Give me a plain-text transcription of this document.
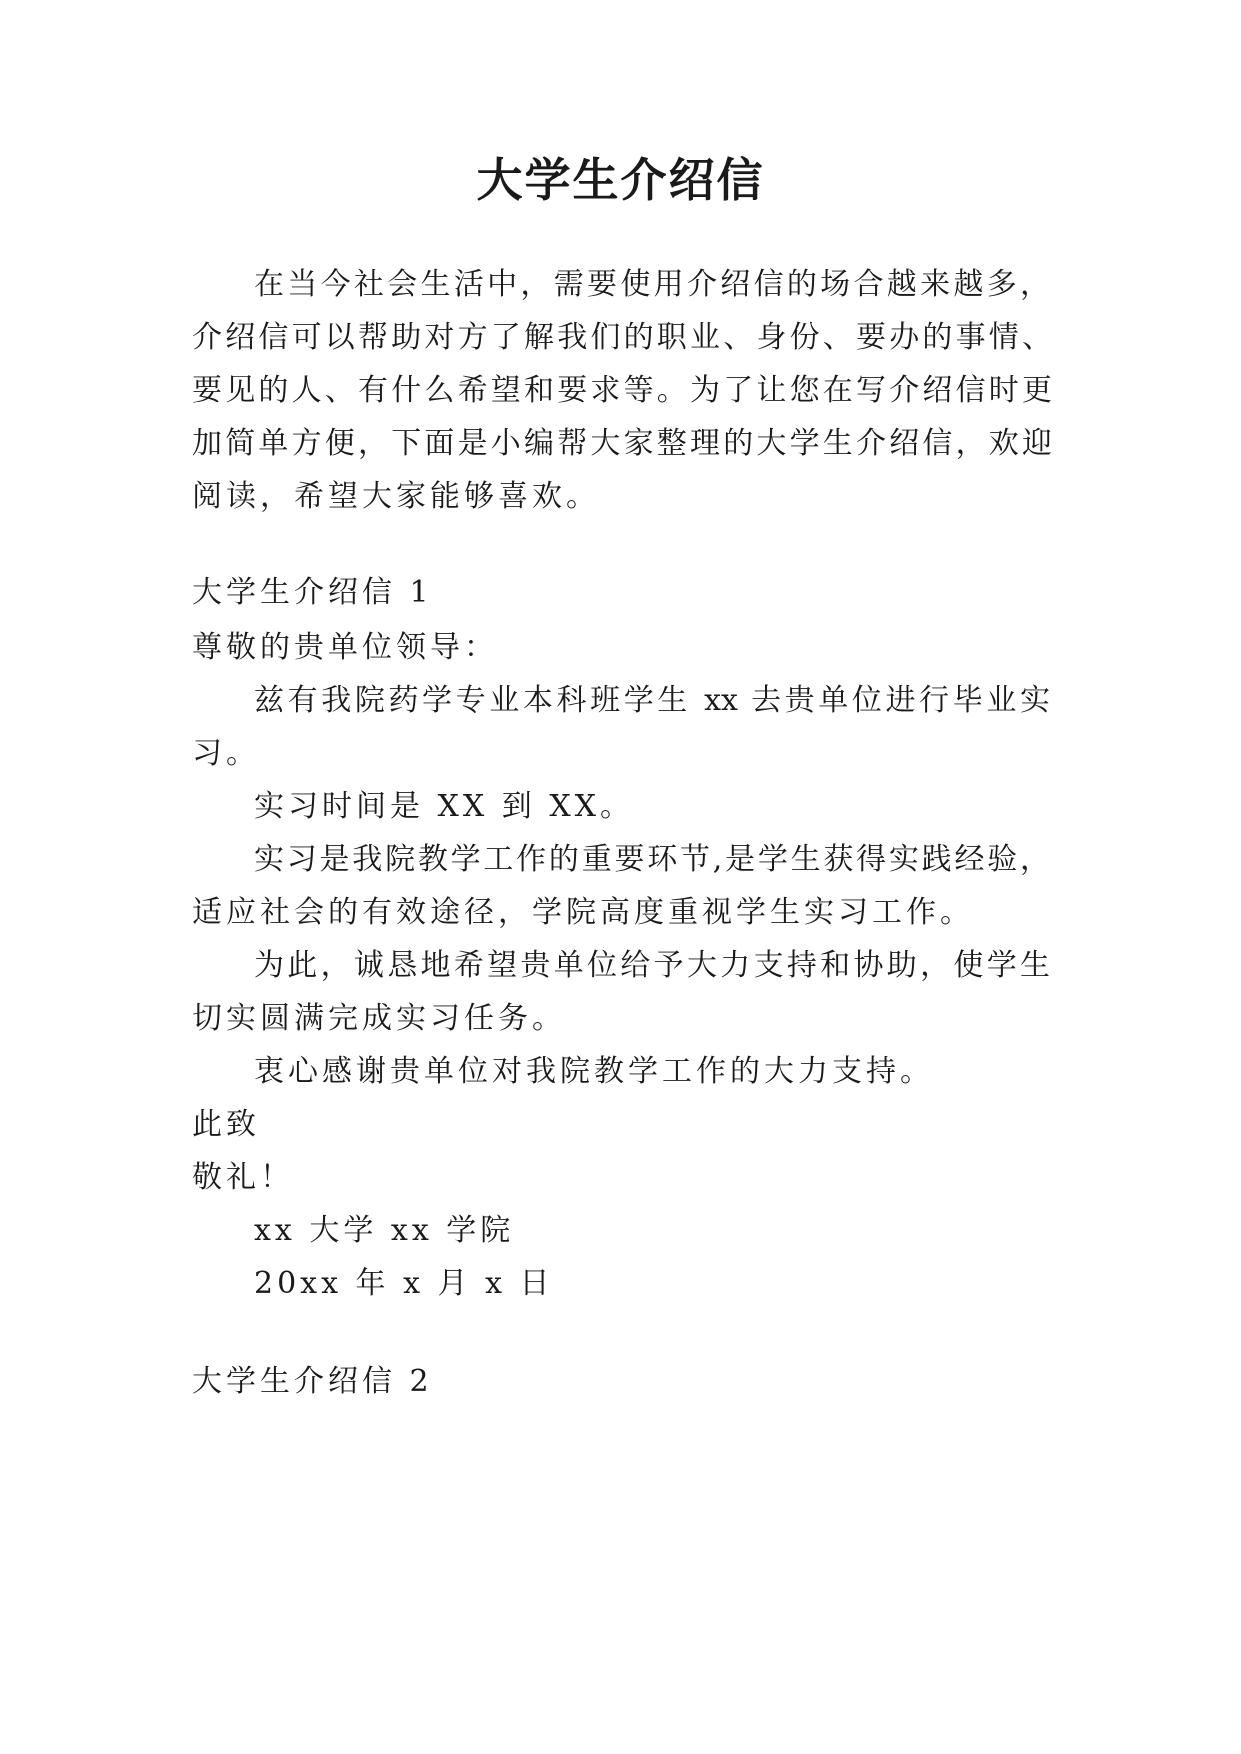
大学生介绍信
在当今社会生活中，需要使用介绍信的场合越来越多，
介绍信可以帮助对方了解我们的职业、身份、要办的事情、
要见的人、有什么希望和要求等。为了让您在写介绍信时更
加简单方便，下面是小编帮大家整理的大学生介绍信，欢迎
阅读，希望大家能够喜欢。
大学生介绍信 1
尊敬的贵单位领导：
兹有我院药学专业本科班学生 xx 去贵单位进行毕业实
习。
实习时间是 XX 到 XX。
实习是我院教学工作的重要环节,是学生获得实践经验，
适应社会的有效途径，学院高度重视学生实习工作。
为此，诚恳地希望贵单位给予大力支持和协助，使学生
切实圆满完成实习任务。
衷心感谢贵单位对我院教学工作的大力支持。
此致
敬礼！
xx 大学 xx 学院
20xx 年 x 月 x 日
大学生介绍信 2
